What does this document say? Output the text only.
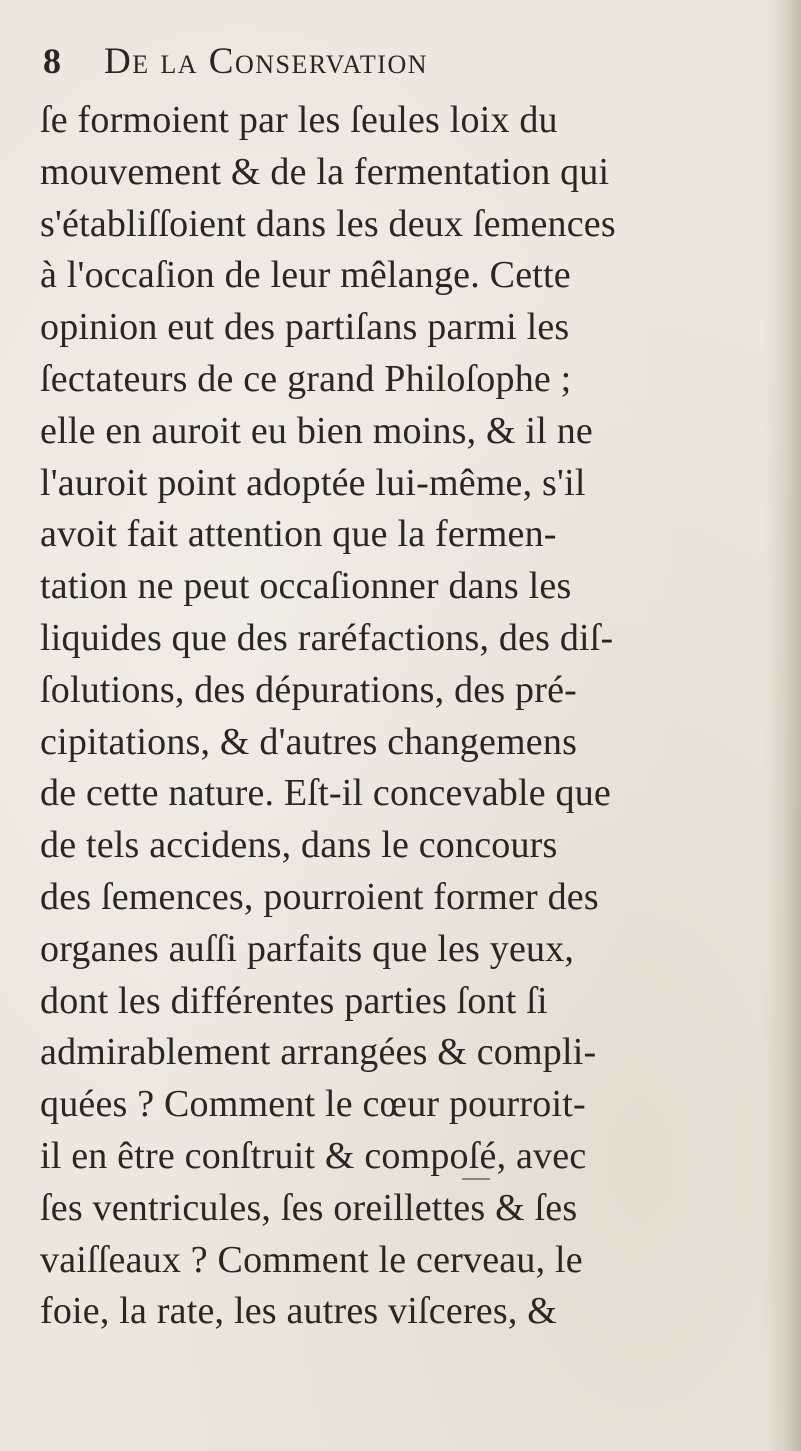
8 De la Conservation
ſe formoient par les ſeules loix du
mouvement & de la fermentation qui
s'établiſſoient dans les deux ſemences
à l'occaſion de leur mêlange. Cette
opinion eut des partiſans parmi les
ſectateurs de ce grand Philoſophe ;
elle en auroit eu bien moins, & il ne
l'auroit point adoptée lui-même, s'il
avoit fait attention que la fermen-
tation ne peut occaſionner dans les
liquides que des raréfactions, des diſ-
ſolutions, des dépurations, des pré-
cipitations, & d'autres changemens
de cette nature. Eſt-il concevable que
de tels accidens, dans le concours
des ſemences, pourroient former des
organes auſſi parfaits que les yeux,
dont les différentes parties ſont ſi
admirablement arrangées & compli-
quées ? Comment le cœur pourroit-
il en être conſtruit & compoſé, avec
ſes ventricules, ſes oreillettes & ſes
vaiſſeaux ? Comment le cerveau, le
foie, la rate, les autres viſceres, &
